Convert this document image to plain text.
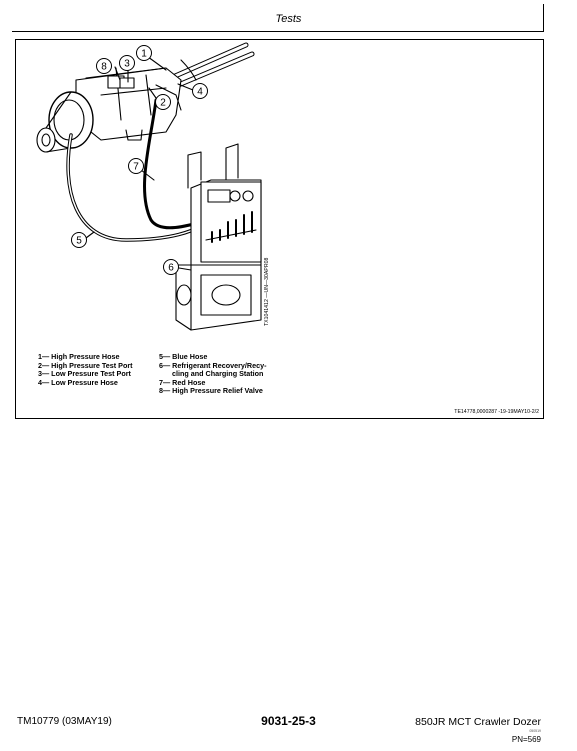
Tests
1
2
3
4
5
6
7
8
TX1041412 —UN—30APR08
1— High Pressure Hose
2— High Pressure Test Port
3— Low Pressure Test Port
4— Low Pressure Hose
5— Blue Hose
6— Refrigerant Recovery/Recy-
cling and Charging Station
7— Red Hose
8— High Pressure Relief Valve
TE14778,0000287 -19-19MAY10-2/2
TM10779 (03MAY19)	9031-25-3	850JR MCT Crawler Dozer
050519
PN=569
